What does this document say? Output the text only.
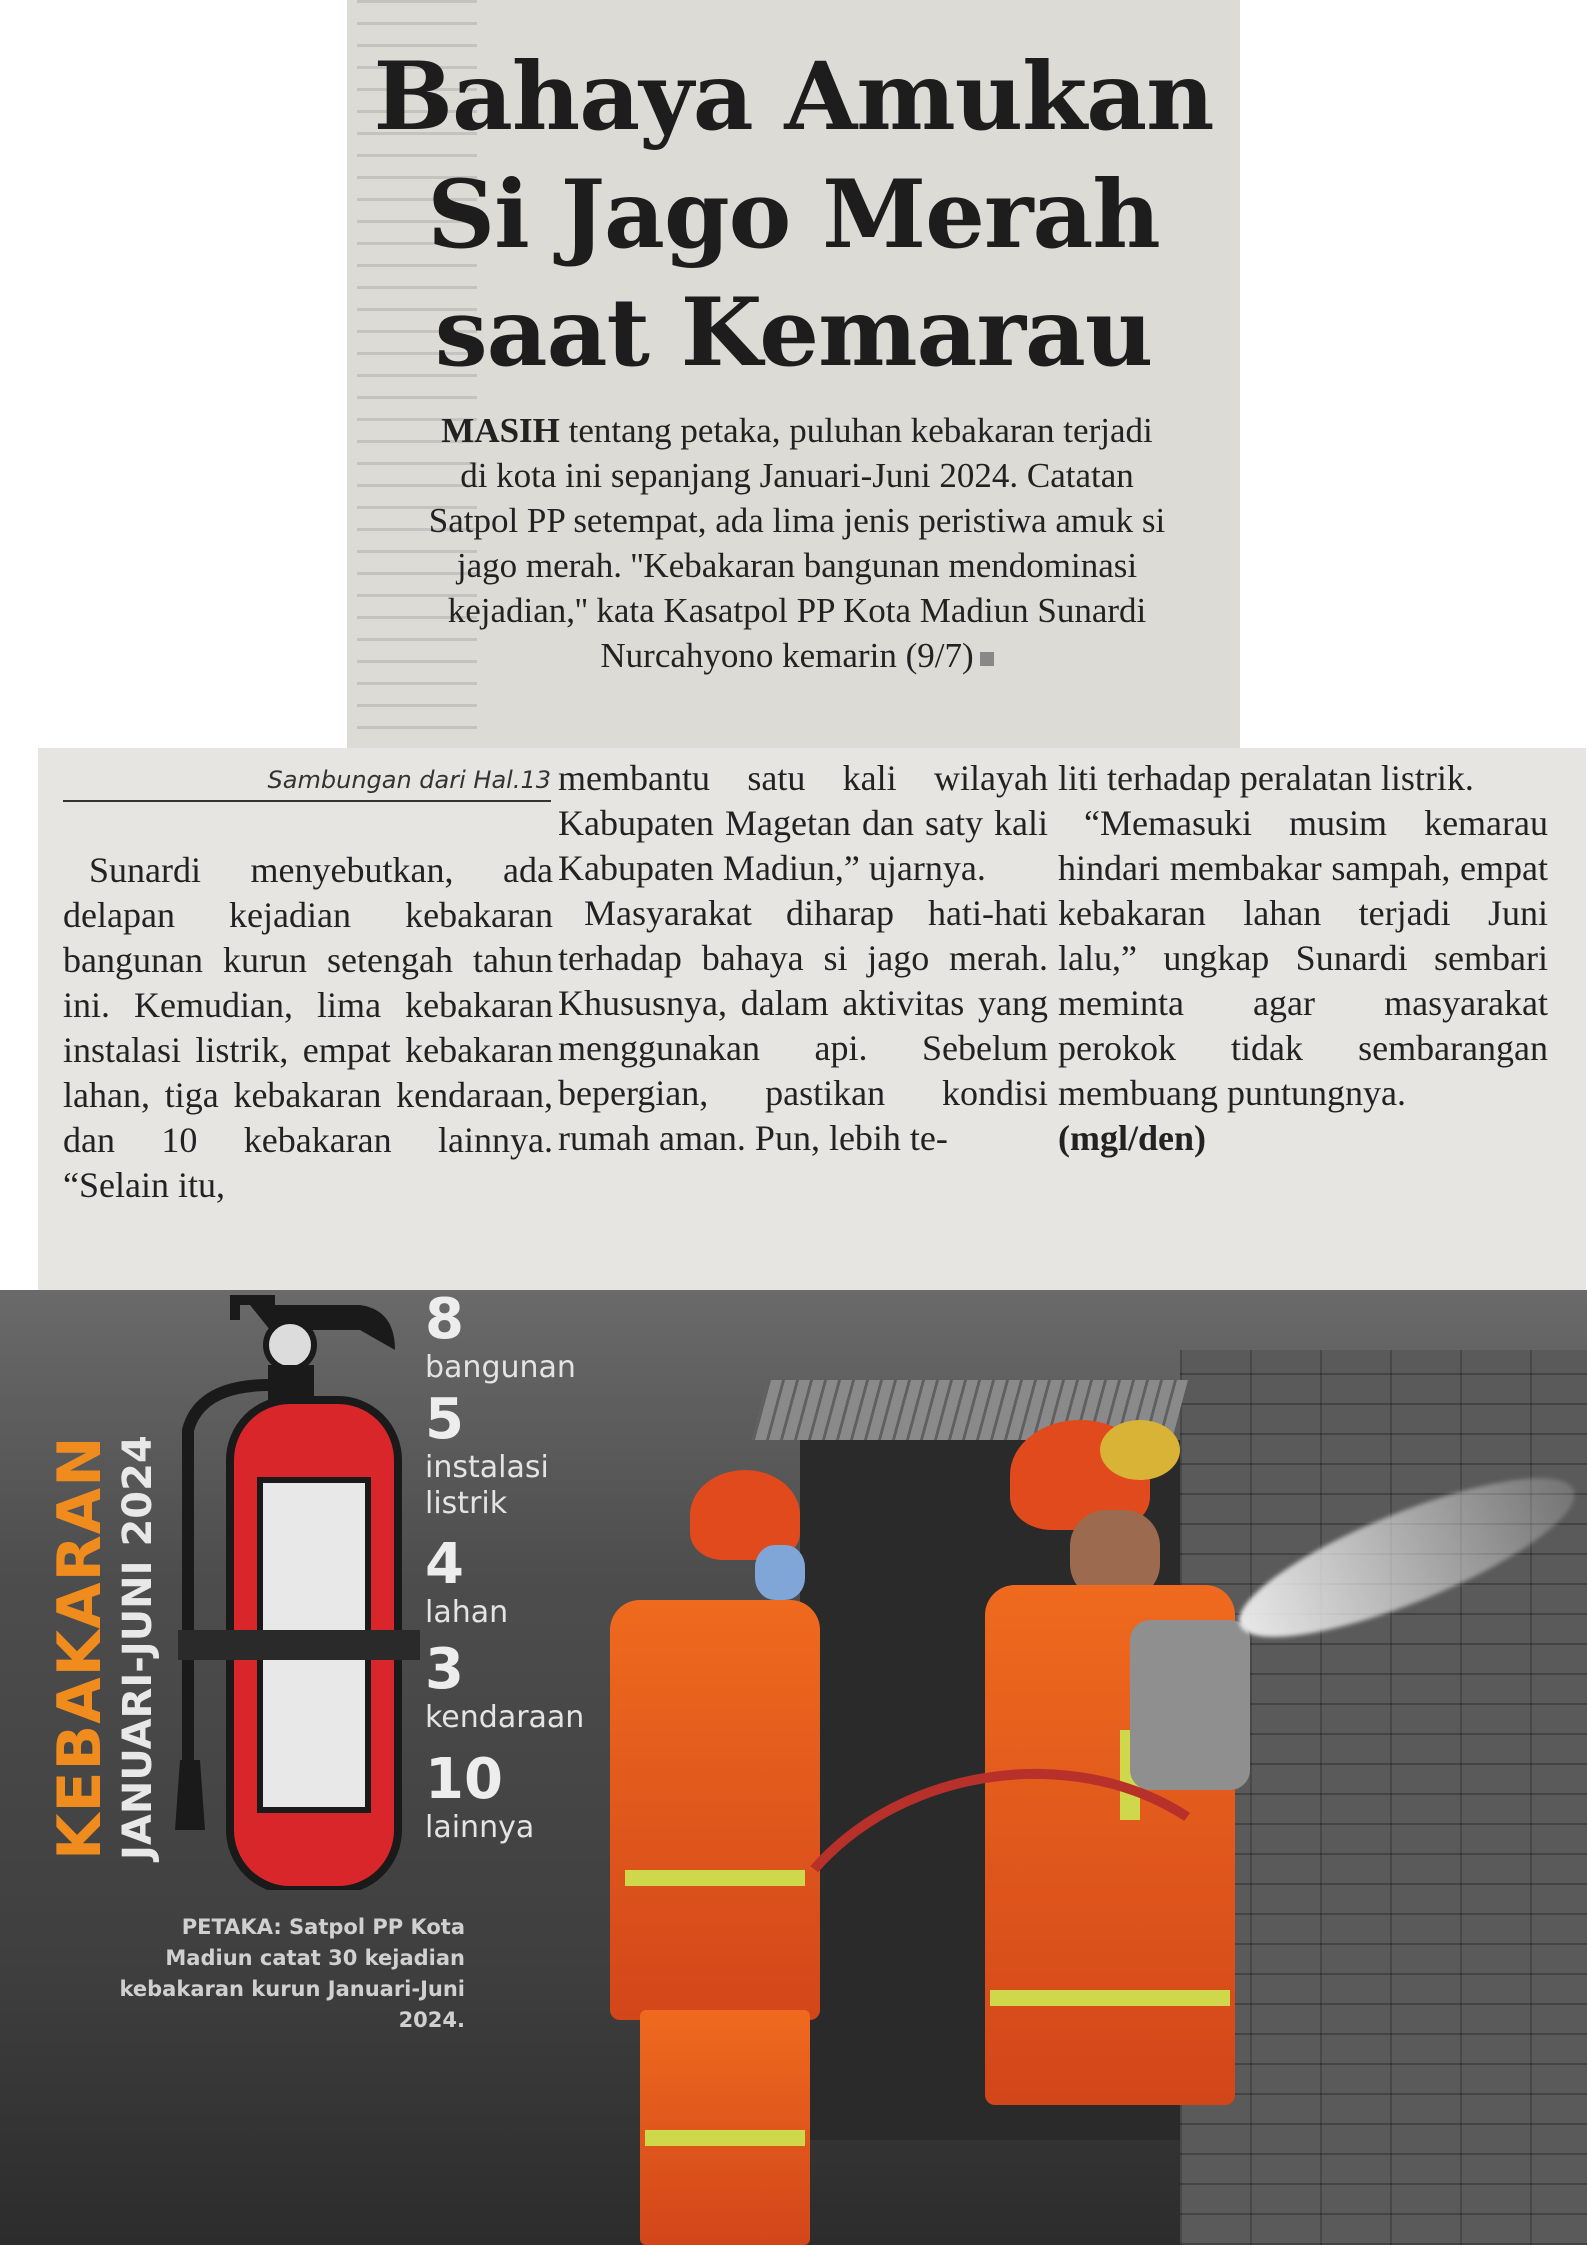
Bahaya Amukan
Si Jago Merah
saat Kemarau
MASIH tentang petaka, puluhan kebakaran terjadi di kota ini sepanjang Januari-Juni 2024. Catatan Satpol PP setempat, ada lima jenis peristiwa amuk si jago merah. ''Kebakaran bangunan mendominasi kejadian,'' kata Kasatpol PP Kota Madiun Sunardi Nurcahyono kemarin (9/7)
Sambungan dari Hal.13

Sunardi menyebutkan, ada delapan kejadian kebakaran bangunan kurun setengah tahun ini. Kemudian, lima kebakaran instalasi listrik, empat kebakaran lahan, tiga kebakaran kendaraan, dan 10 kebakaran lainnya. “Selain itu,

membantu satu kali wilayah Kabupaten Magetan dan saty kali Kabupaten Madiun,” ujarnya.

Masyarakat diharap hati-hati terhadap bahaya si jago merah. Khususnya, dalam aktivitas yang menggunakan api. Sebelum bepergian, pastikan kondisi rumah aman. Pun, lebih te-

liti terhadap peralatan listrik.

“Memasuki musim kemarau hindari membakar sampah, empat kebakaran lahan terjadi Juni lalu,” ungkap Sunardi sembari meminta agar masyarakat perokok tidak sembarangan membuang puntungnya.

(mgl/den)

KEBAKARAN JANUARI-JUNI 2024
8
bangunan
5
instalasi
listrik
4
lahan
3
kendaraan
10
lainnya
PETAKA: Satpol PP Kota Madiun catat 30 kejadian kebakaran kurun Januari-Juni 2024.
